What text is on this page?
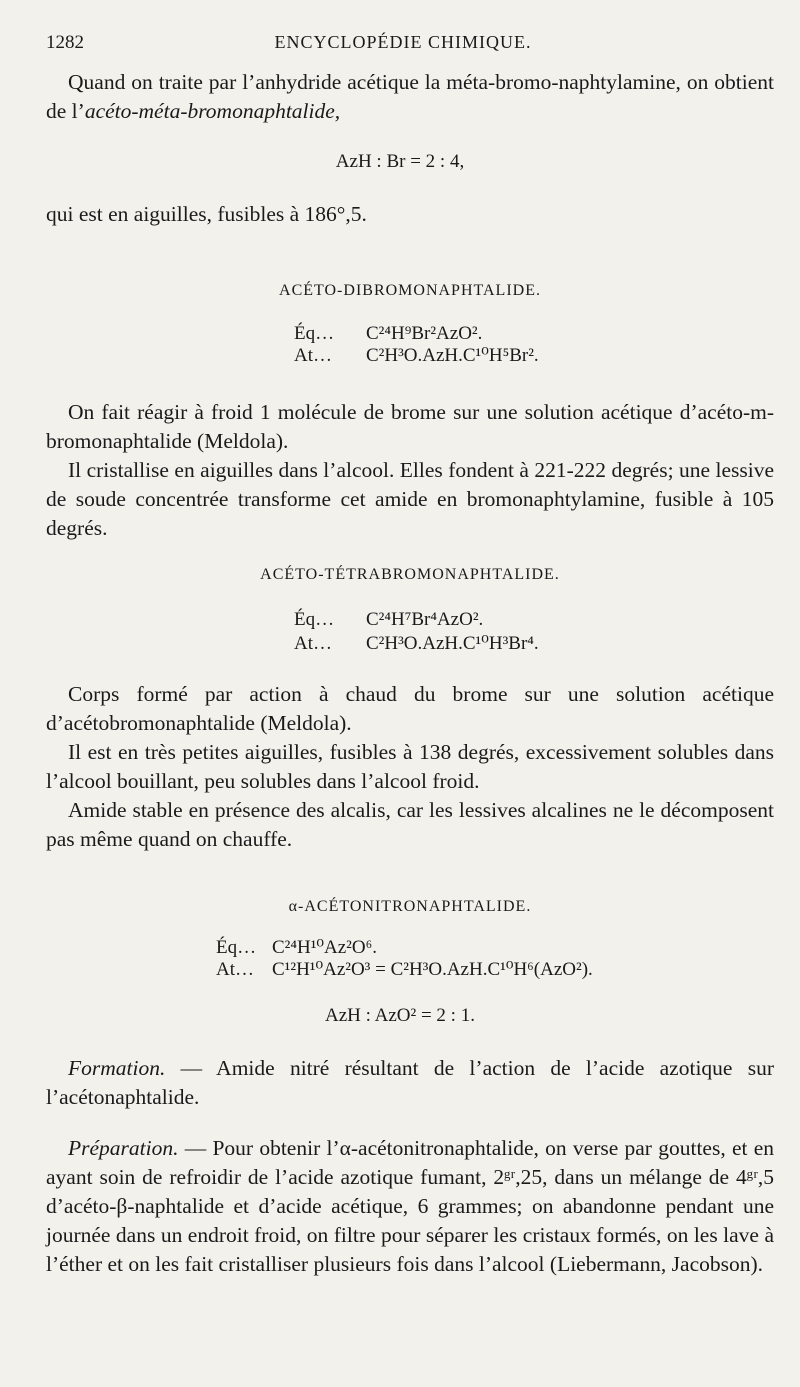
1282	ENCYCLOPÉDIE CHIMIQUE.

Quand on traite par l’anhydride acétique la méta-bromo-naphtylamine, on obtient de l’acéto-méta-bromonaphtalide,

AzH : Br = 2 : 4,

qui est en aiguilles, fusibles à 186°,5.

ACÉTO-DIBROMONAPHTALIDE.
Éq… C²⁴H⁹Br²AzO².
At… C²H³O.AzH.C¹⁰H⁵Br².

On fait réagir à froid 1 molécule de brome sur une solution acétique d’acéto-m-bromonaphtalide (Meldola).

Il cristallise en aiguilles dans l’alcool. Elles fondent à 221-222 degrés; une lessive de soude concentrée transforme cet amide en bromonaphtylamine, fusible à 105 degrés.

ACÉTO-TÉTRABROMONAPHTALIDE.
Éq… C²⁴H⁷Br⁴AzO².
At… C²H³O.AzH.C¹⁰H³Br⁴.

Corps formé par action à chaud du brome sur une solution acétique d’acétobromonaphtalide (Meldola).

Il est en très petites aiguilles, fusibles à 138 degrés, excessivement solubles dans l’alcool bouillant, peu solubles dans l’alcool froid.

Amide stable en présence des alcalis, car les lessives alcalines ne le décomposent pas même quand on chauffe.

α-ACÉTONITRONAPHTALIDE.
Éq… C²⁴H¹⁰Az²O⁶.
At… C¹²H¹⁰Az²O³ = C²H³O.AzH.C¹⁰H⁶(AzO²).
AzH : AzO² = 2 : 1.

Formation. — Amide nitré résultant de l’action de l’acide azotique sur l’acétonaphtalide.

Préparation. — Pour obtenir l’α-acétonitronaphtalide, on verse par gouttes, et en ayant soin de refroidir de l’acide azotique fumant, 2ᵍʳ,25, dans un mélange de 4ᵍʳ,5 d’acéto-β-naphtalide et d’acide acétique, 6 grammes; on abandonne pendant une journée dans un endroit froid, on filtre pour séparer les cristaux formés, on les lave à l’éther et on les fait cristalliser plusieurs fois dans l’alcool (Liebermann, Jacobson).
